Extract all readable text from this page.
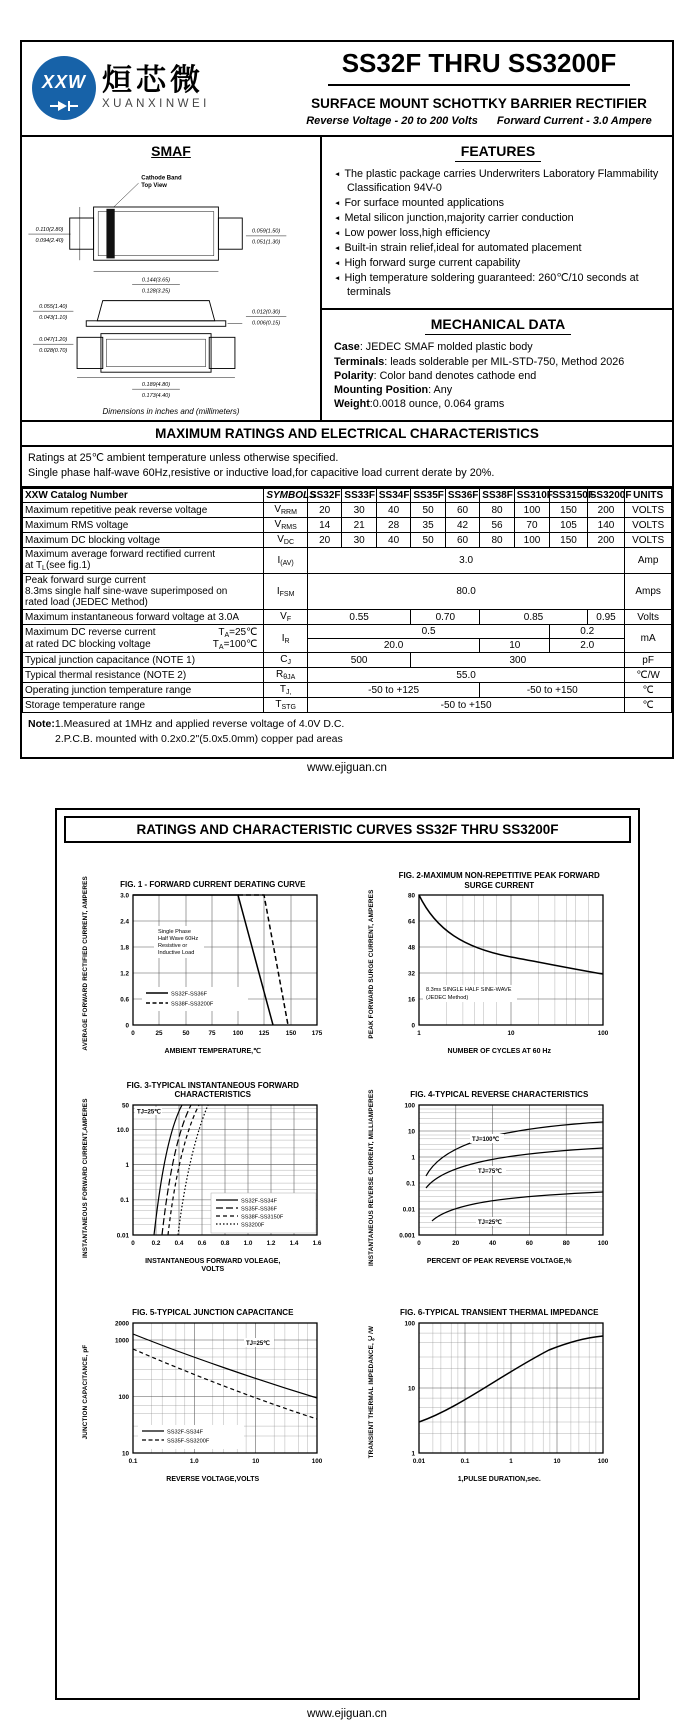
XXW 烜芯微
XUANXINWEI
SS32F THRU SS3200F
SURFACE MOUNT SCHOTTKY BARRIER RECTIFIER
Reverse Voltage - 20 to 200 Volts Forward Current - 3.0 Ampere
SMAF
Cathode Band
Top View
0.110(2.80)
0.094(2.40)
0.059(1.50)
0.051(1.30)
0.144(3.65)
0.128(3.25)
0.055(1.40)
0.043(1.10)
0.012(0.30)
0.006(0.15)
0.047(1.20)
0.028(0.70)
0.189(4.80)
0.173(4.40)
Dimensions in inches and (millimeters)
FEATURES
◄ The plastic package carries Underwriters Laboratory Flammability Classification 94V-0
◄ For surface mounted applications
◄ Metal silicon junction,majority carrier conduction
◄ Low power loss,high efficiency
◄ Built-in strain relief,ideal for automated placement
◄ High forward surge current capability
◄ High temperature soldering guaranteed: 260℃/10 seconds at terminals
MECHANICAL DATA
Case: JEDEC SMAF molded plastic body
Terminals: leads solderable per MIL-STD-750, Method 2026
Polarity: Color band denotes cathode end
Mounting Position: Any
Weight:0.0018 ounce, 0.064 grams
MAXIMUM RATINGS AND ELECTRICAL CHARACTERISTICS
Ratings at 25℃ ambient temperature unless otherwise specified.
Single phase half-wave 60Hz,resistive or inductive load,for capacitive load current derate by 20%.
XXW Catalog Number	SYMBOLS	SS32F	SS33F	SS34F	SS35F	SS36F	SS38F	SS310F	SS3150F	SS3200F	UNITS
Maximum repetitive peak reverse voltage	$V_{RRM}$	20	30	40	50	60	80	100	150	200	VOLTS
Maximum RMS voltage	$V_{RMS}$	14	21	28	35	42	56	70	105	140	VOLTS
Maximum DC blocking voltage	$V_{DC}$	20	30	40	50	60	80	100	150	200	VOLTS

Maximum average forward rectified current
at $T_L(see$ fig.1)	$I_{(AV)}$	3.0									Amp

Peak forward surge current
8.3ms single half sine-wave superimposed on
rated load (JEDEC Method)	$I_{FSM}$	80.0									Amps
Maximum instantaneous forward voltage at 3.0A	$V_F$	0.55			0.70		0.85			0.95	Volts

Maximum DC reverse current $T_A=25℃$
at rated DC blocking voltage $T_A=100℃$	$I_R$	0.5							0.2		mA
		20.0					10		2.0		
Typical junction capacitance (NOTE 1)	$C_J$	500			300						pF
Typical thermal resistance (NOTE 2)	$R_{\theta JA}$	55.0									℃/W
Operating junction temperature range	$T_{J,}$	-50 to +125					-50 to +150				℃
Storage temperature range	$T_{STG}$	-50 to +150									℃
Note:1.Measured at 1MHz and applied reverse voltage of 4.0V D.C.
2.P.C.B. mounted with 0.2x0.2"(5.0x5.0mm) copper pad areas
www.ejiguan.cn
RATINGS AND CHARACTERISTIC CURVES SS32F THRU SS3200F
AVERAGE FORWARD RECTIFIED CURRENT, AMPERES	FIG. 1 - FORWARD CURRENT DERATING CURVE
Single Phase
Half Wave 60Hz
Resistive or
Inductive Load
SS32F-SS36F
SS38F-SS3200F
3.0
2.4
1.8
1.2
0.6
0
0	25	50	75	100 125	150 175
AMBIENT TEMPERATURE,℃
PEAK FORWARD SURGE CURRENT, AMPERES
FIG. 2-MAXIMUM NON-REPETITIVE PEAK FORWARD
SURGE CURRENT
8.3ms SINGLE HALF SINE-WAVE
(JEDEC Method)
80
64
48
32
16
0
1	10	100
NUMBER OF CYCLES AT 60 Hz
INSTANTANEOUS FORWARD CURRENT,AMPERES
FIG. 3-TYPICAL INSTANTANEOUS FORWARD
CHARACTERISTICS
TJ=25℃
SS32F-SS34F
SS35F-SS36F
SS38F-SS3150F
SS3200F
50
10.0
1
0.1
0.01
0	0.2 0.4 0.6 0.8 1.0 1.2 1.4 1.6
INSTANTANEOUS FORWARD VOLEAGE,
VOLTS
INSTANTANEOUS REVERSE CURRENT, MILLIAMPERES	FIG. 4-TYPICAL REVERSE CHARACTERISTICS
TJ=100℃
TJ=75℃
TJ=25℃
100
10
1
0.1
0.01
0.001
0	20	40	60	80	100
PERCENT OF PEAK REVERSE VOLTAGE,%
JUNCTION CAPACITANCE, pF
FIG. 5-TYPICAL JUNCTION CAPACITANCE
TJ=25℃
SS32F-SS34F
SS35F-SS3200F
2000
1000
100
10
0.1	1.0	10	100
REVERSE VOLTAGE,VOLTS
TRANSIENT THERMAL IMPEDANCE, ℃/W
FIG. 6-TYPICAL TRANSIENT THERMAL IMPEDANCE
100
10
1
0.01	0.1	1	10	100
1,PULSE DURATION,sec.
www.ejiguan.cn
